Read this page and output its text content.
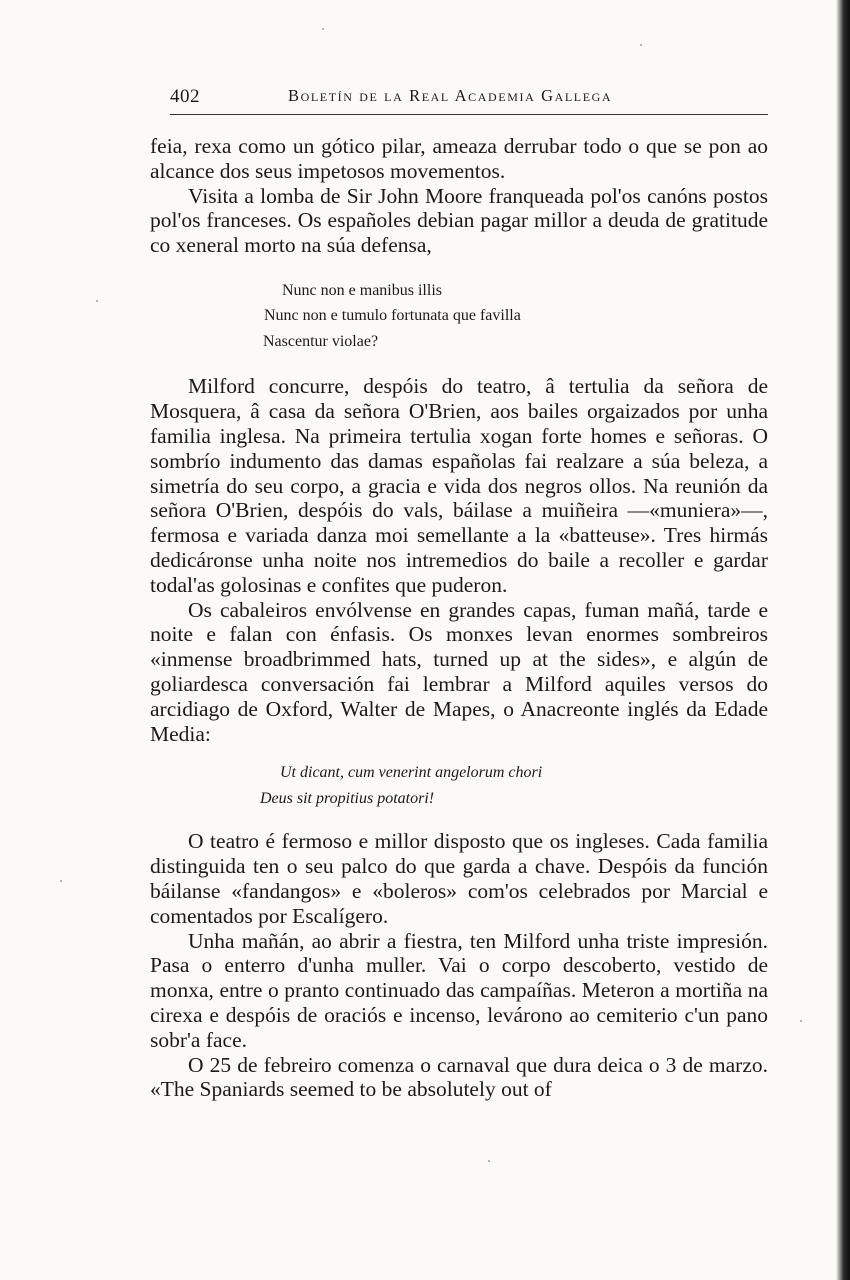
402	Boletín de la Real Academia Gallega

feia, rexa como un gótico pilar, ameaza derrubar todo o que se pon ao alcance dos seus impetosos movementos.

Visita a lomba de Sir John Moore franqueada pol'os canóns postos pol'os franceses. Os españoles debian pagar millor a deuda de gratitude co xeneral morto na súa defensa,

Nunc non e manibus illis
Nunc non e tumulo fortunata que favilla
Nascentur violae?

Milford concurre, despóis do teatro, â tertulia da señora de Mosquera, â casa da señora O'Brien, aos bailes orgaizados por unha familia inglesa. Na primeira tertulia xogan forte homes e señoras. O sombrío indumento das damas españolas fai realzare a súa beleza, a simetría do seu corpo, a gracia e vida dos negros ollos. Na reunión da señora O'Brien, despóis do vals, báilase a muiñeira —«muniera»—, fermosa e variada danza moi semellante a la «batteuse». Tres hirmás dedicáronse unha noite nos intremedios do baile a recoller e gardar todal'as golosinas e confites que puderon.

Os cabaleiros envólvense en grandes capas, fuman mañá, tarde e noite e falan con énfasis. Os monxes levan enormes sombreiros «inmense broadbrimmed hats, turned up at the sides», e algún de goliardesca conversación fai lembrar a Milford aquiles versos do arcidiago de Oxford, Walter de Mapes, o Anacreonte inglés da Edade Media:

Ut dicant, cum venerint angelorum chori
Deus sit propitius potatori!

O teatro é fermoso e millor disposto que os ingleses. Cada familia distinguida ten o seu palco do que garda a chave. Despóis da función báilanse «fandangos» e «boleros» com'os celebrados por Marcial e comentados por Escalígero.

Unha mañán, ao abrir a fiestra, ten Milford unha triste impresión. Pasa o enterro d'unha muller. Vai o corpo descoberto, vestido de monxa, entre o pranto continuado das campaíñas. Meteron a mortiña na cirexa e despóis de oraciós e incenso, levárono ao cemiterio c'un pano sobr'a face.

O 25 de febreiro comenza o carnaval que dura deica o 3 de marzo. «The Spaniards seemed to be absolutely out of
